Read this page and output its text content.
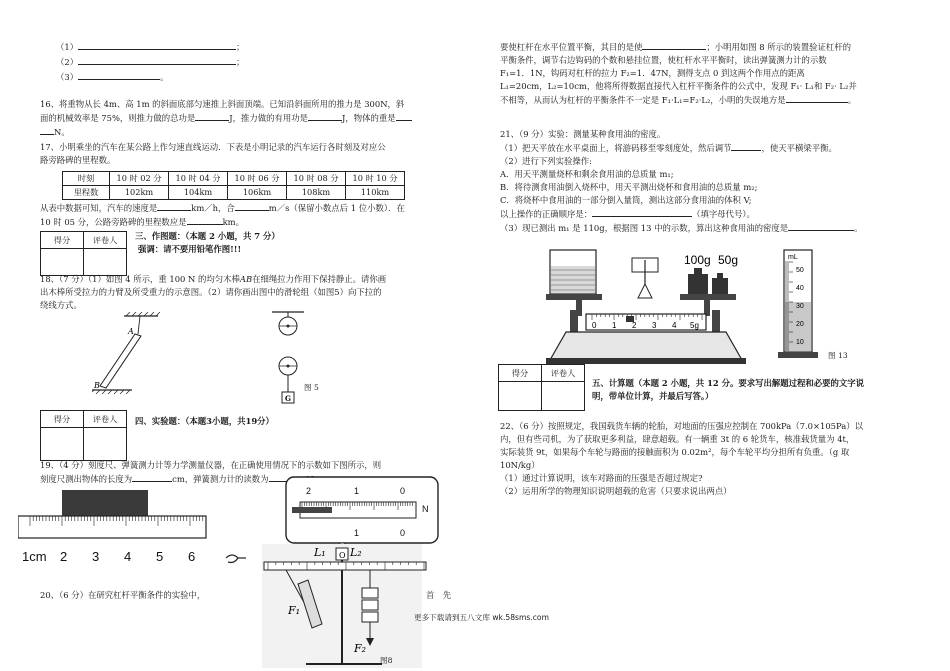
（1）	；
（2）	；
（3）	。

16、将重物从长 4m、高 1m 的斜面底部匀速推上斜面顶端。已知沿斜面所用的推力是 300N，斜

面的机械效率是 75%，则推力做的总功是	J，推力做的有用功是	J，物体的重是

N。

17、小明乘坐的汽车在某公路上作匀速直线运动．下表是小明记录的汽车运行各时刻及对应公

路旁路碑的里程数。

时刻	10 时 02 分	10 时 04 分	10 时 06 分	10 时 08 分	10 时 10 分
里程数	102km	104km	106km	108km	110km

从表中数据可知，汽车的速度是	km／h，合	m／s（保留小数点后 1 位小数）．在

10 时 05 分，公路旁路碑的里程数应是	km。

得分	评卷人
	三、作图题：（本题 2 小题，共 7 分）
强调：请不要用铅笔作图!!!

18、（7 分）（1）如图 4 所示，重 100 N 的均匀木棒AB在细绳拉力作用下保持静止。请你画

出木棒所受拉力的力臂及所受重力的示意图。（2）请你画出图中的滑轮组（如图5）向下拉的

绕线方式。

A
B
G
图 5
得分	评卷人
	四、实验题：（本题3小题，共19分）

19、（4 分）刻度尺、弹簧测力计等力学测量仪器，在正确使用情况下的示数如下图所示，则

刻度尺测出物体的长度为	cm，弹簧测力计的读数为

1cm 2 3 4 5 6
2	1	0
1	0
N
O
L₁ L₂
F₁
F₂
20、（6 分）在研究杠杆平衡条件的实验中，	首　先
更多下载请到五八文库 wk.58sms.com
图8

要使杠杆在水平位置平衡，其目的是使	；小明用如图 8 所示的装置验证杠杆的

平衡条件，调节右边钩码的个数和悬挂位置，使杠杆水平平衡时，读出弹簧测力计的示数

F₁=1．1N，钩码对杠杆的拉力 F₂=1．47N，测得支点 0 到这两个作用点的距离

L₁=20cm，L₂=10cm，他将所得数据直接代入杠杆平衡条件的公式中，发现 F₁· L₁和 F₂· L₂并

不相等，从而认为杠杆的平衡条件不一定是 F₁·L₁=F₂·L₂，小明的失误地方是	。

21、（9 分）实验：测量某种食用油的密度。

（1）把天平放在水平桌面上，将游码移至零刻度处，然后调节	，使天平横梁平衡。

（2）进行下列实验操作:

A．用天平测量烧杯和剩余食用油的总质量 m₁;

B．将待测食用油倒入烧杯中，用天平测出烧杯和食用油的总质量 m₂;

C．将烧杯中食用油的一部分倒入量筒，测出这部分食用油的体积 V;

以上操作的正确顺序是：	（填字母代号）。

（3）现已测出 m₁ 是 110g，根据图 13 中的示数，算出这种食用油的密度是	。

100g 50g
0 1 2 3 4 5g
mL
50
40
30
20
10
图 13
得分	评卷人

五、计算题（本题 2 小题，共 12 分。要求写出解题过程和必要的文字说

明，带单位计算，并最后写答。）

22、（6 分）按照规定，我国载货车辆的轮胎，对地面的压强应控制在 700kPa（7.0×105Pa）以

内，但有些司机，为了获取更多利益，肆意超载。有一辆重 3t 的 6 轮货车，核准载货量为 4t，

实际装货 9t，如果每个车轮与路面的接触面积为 0.02m²，每个车轮平均分担所有负重。（g 取

10N/kg）

（1）通过计算说明，该车对路面的压强是否超过规定?

（2）运用所学的物理知识说明超载的危害（只要求说出两点）
